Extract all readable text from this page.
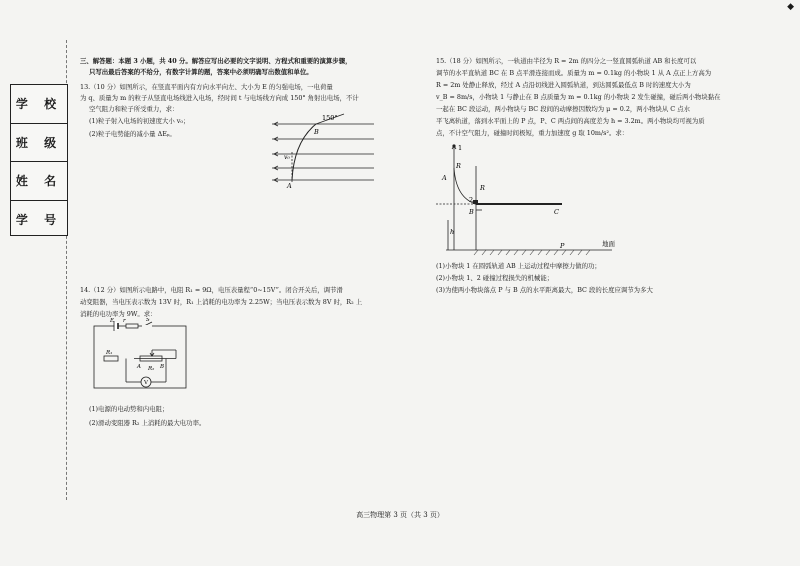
◆
学 校
班 级
姓 名
学 号
三、解答题：本题 3 小题，共 40 分。解答应写出必要的文字说明、方程式和重要的演算步骤，
只写出最后答案的不给分，有数字计算的题，答案中必须明确写出数值和单位。
13.（10 分）如图所示，在竖直平面内有方向水平向左、大小为 E 的匀强电场，一电荷量
为 q、质量为 m 的粒子从竖直电场线进入电场，经时间 t 与电场线方向成 150° 角射出电场，不计
空气阻力和粒子所受重力，求：
(1)粒子射入电场的初速度大小 v₀；
(2)粒子电势能的减小量 ΔEₚ。
150°
B
A
v₀
14.（12 分）如图所示电路中，电阻 R₁ = 9Ω，电压表量程“0~15V”。闭合开关后，调节滑
动变阻器，当电压表示数为 13V 时，R₁ 上消耗的电功率为 2.25W；当电压表示数为 8V 时，R₂ 上
消耗的电功率为 9W。求：
E r	S
R₁
R₂
A	B
V
(1)电源的电动势和内电阻；
(2)滑动变阻器 R₂ 上消耗的最大电功率。
15.（18 分）如图所示，一轨道由半径为 R = 2m 的四分之一竖直圆弧轨道 AB 和长度可以
调节的水平直轨道 BC 在 B 点平滑连接而成。质量为 m = 0.1kg 的小物块 1 从 A 点正上方高为
R = 2m 处静止释放，经过 A 点沿切线进入圆弧轨道，到达圆弧最低点 B 时的速度大小为
v_B = 8m/s，小物块 1 与静止在 B 点质量为 m = 0.1kg 的小物块 2 发生碰撞，碰后两小物块黏在
一起在 BC 段运动，两小物块与 BC 段间的动摩擦因数均为 μ = 0.2，两小物块从 C 点水
平飞离轨道，落到水平面上的 P 点，P、C 两点间的高度差为 h = 3.2m。两小物块均可视为质
点，不计空气阻力，碰撞时间极短，重力加速度 g 取 10m/s²。求：
1
R
A
R
2
B	C
h
P	地面
(1)小物块 1 在圆弧轨道 AB 上运动过程中摩擦力做的功；
(2)小物块 1、2 碰撞过程损失的机械能；
(3)为使两小物块落点 P 与 B 点的水平距离最大，BC 段的长度应调节为多大
高三物理第 3 页（共 3 页）
